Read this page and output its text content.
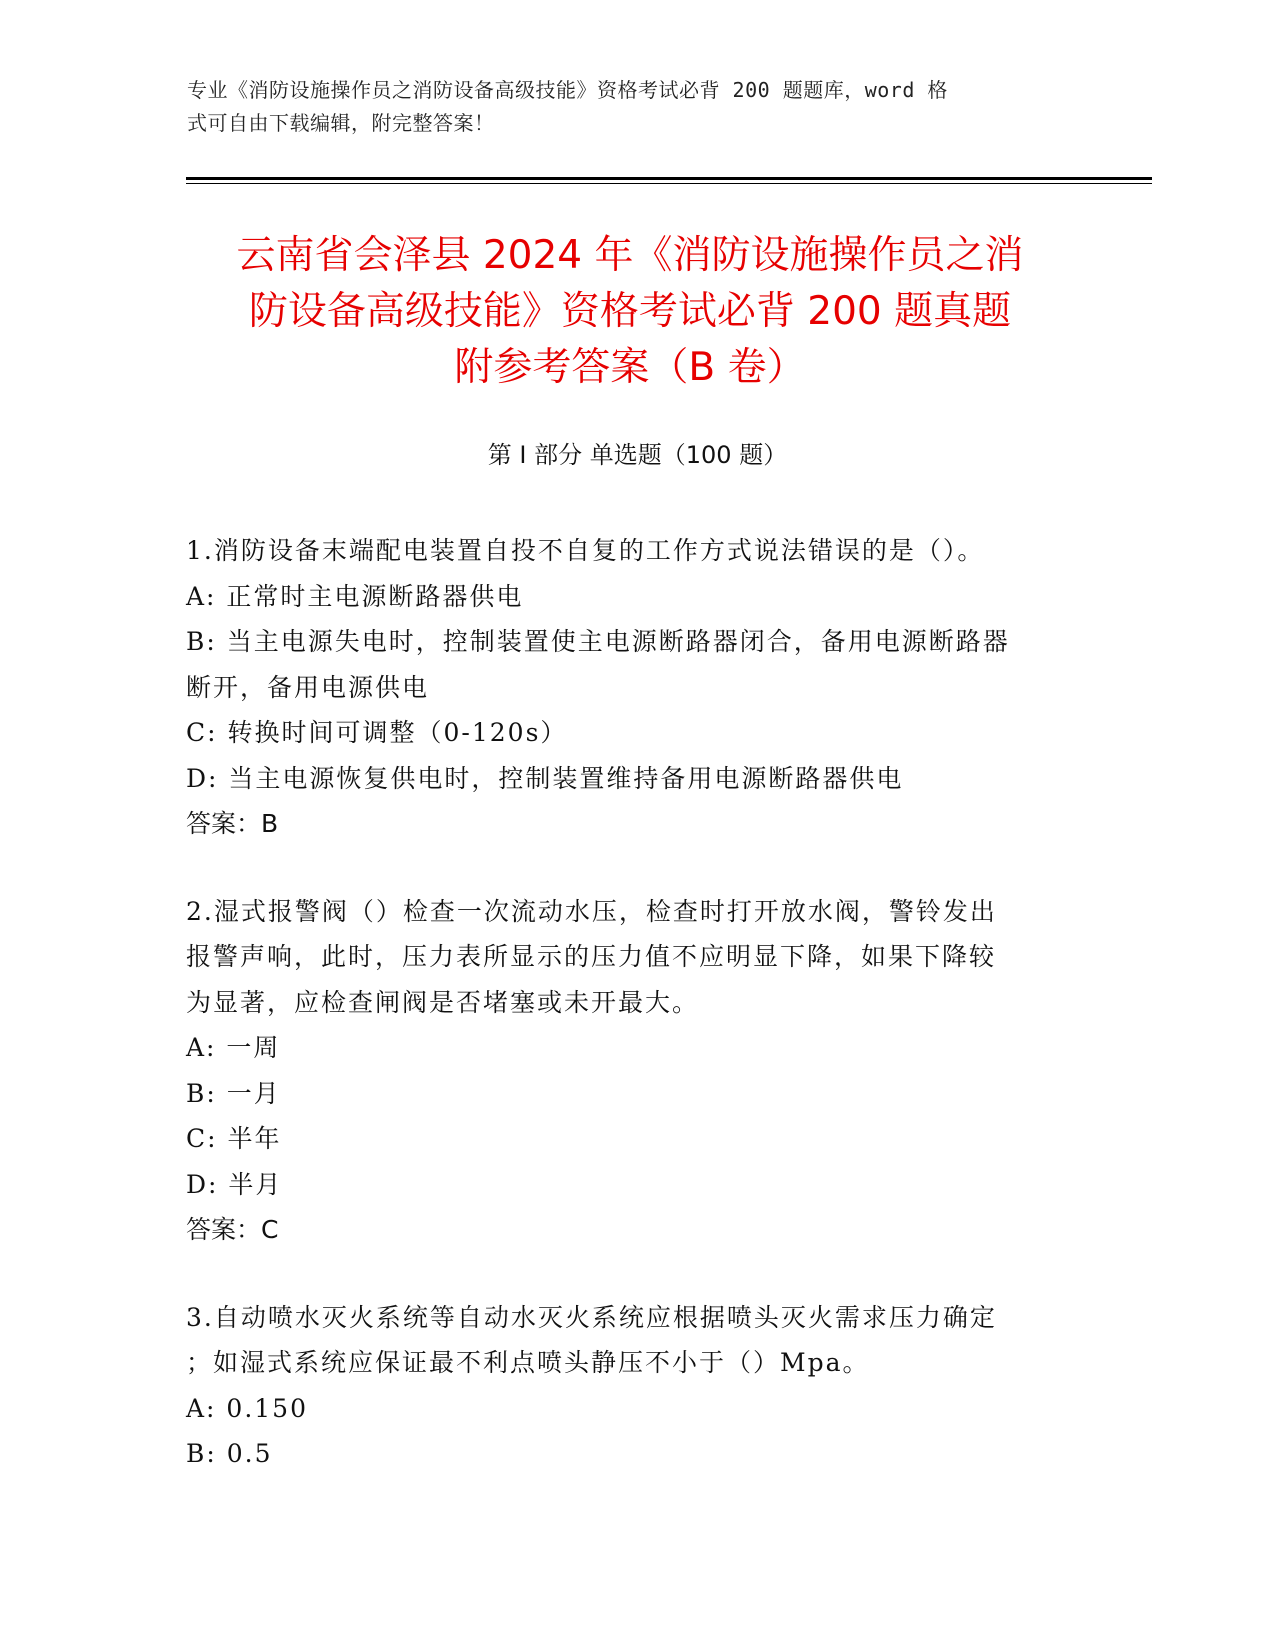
专业《消防设施操作员之消防设备高级技能》资格考试必背 200 题题库，word 格
式可自由下载编辑，附完整答案！
云南省会泽县 2024 年《消防设施操作员之消
防设备高级技能》资格考试必背 200 题真题
附参考答案（B 卷）
第 I 部分 单选题（100 题）
1.消防设备末端配电装置自投不自复的工作方式说法错误的是（）。
A: 正常时主电源断路器供电
B: 当主电源失电时，控制装置使主电源断路器闭合，备用电源断路器
断开，备用电源供电
C: 转换时间可调整（0-120s）
D: 当主电源恢复供电时，控制装置维持备用电源断路器供电
答案：B
2.湿式报警阀（）检查一次流动水压，检查时打开放水阀，警铃发出
报警声响，此时，压力表所显示的压力值不应明显下降，如果下降较
为显著，应检查闸阀是否堵塞或未开最大。
A: 一周
B: 一月
C: 半年
D: 半月
答案：C
3.自动喷水灭火系统等自动水灭火系统应根据喷头灭火需求压力确定
；如湿式系统应保证最不利点喷头静压不小于（）Mpa。
A: 0.150
B: 0.5
